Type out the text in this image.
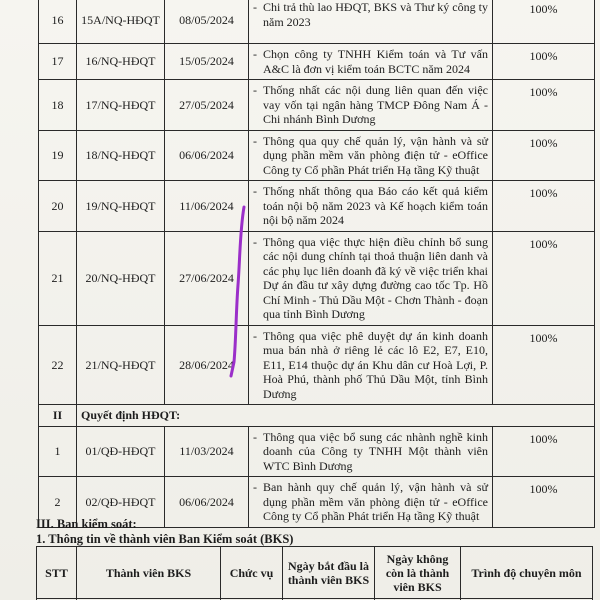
16	15A/NQ-HĐQT	08/05/2024	- Chi trả thù lao HĐQT, BKS và Thư ký công ty năm 2023	100%
17	16/NQ-HĐQT	15/05/2024	- Chọn công ty TNHH Kiểm toán và Tư vấn A&C là đơn vị kiểm toán BCTC năm 2024	100%
18	17/NQ-HĐQT	27/05/2024	- Thống nhất các nội dung liên quan đến việc vay vốn tại ngân hàng TMCP Đông Nam Á - Chi nhánh Bình Dương	100%
19	18/NQ-HĐQT	06/06/2024	- Thông qua quy chế quản lý, vận hành và sử dụng phần mềm văn phòng điện tử - eOffice Công ty Cổ phần Phát triển Hạ tầng Kỹ thuật	100%
20	19/NQ-HĐQT	11/06/2024	- Thống nhất thông qua Báo cáo kết quả kiểm toán nội bộ năm 2023 và Kế hoạch kiểm toán nội bộ năm 2024	100%
21	20/NQ-HĐQT	27/06/2024	- Thông qua việc thực hiện điều chỉnh bổ sung các nội dung chính tại thoả thuận liên danh và các phụ lục liên doanh đã ký về việc triển khai Dự án đầu tư xây dựng đường cao tốc Tp. Hồ Chí Minh - Thủ Dầu Một - Chơn Thành - đoạn qua tỉnh Bình Dương	100%
22	21/NQ-HĐQT	28/06/2024	- Thông qua việc phê duyệt dự án kinh doanh mua bán nhà ở riêng lẻ các lô E2, E7, E10, E11, E14 thuộc dự án Khu dân cư Hoà Lợi, P. Hoà Phú, thành phố Thủ Dầu Một, tỉnh Bình Dương	100%
II	Quyết định HĐQT:			
1	01/QĐ-HĐQT	11/03/2024	- Thông qua việc bổ sung các nhành nghề kinh doanh của Công ty TNHH Một thành viên WTC Bình Dương	100%
2	02/QĐ-HĐQT	06/06/2024	- Ban hành quy chế quản lý, vận hành và sử dụng phần mềm văn phòng điện tử - eOffice Công ty Cổ phần Phát triển Hạ tầng Kỹ thuật	100%
III. Ban kiểm soát:
1. Thông tin về thành viên Ban Kiểm soát (BKS)
STT	Thành viên BKS	Chức vụ	Ngày bắt đầu là thành viên BKS	Ngày không còn là thành viên BKS	Trình độ chuyên môn
